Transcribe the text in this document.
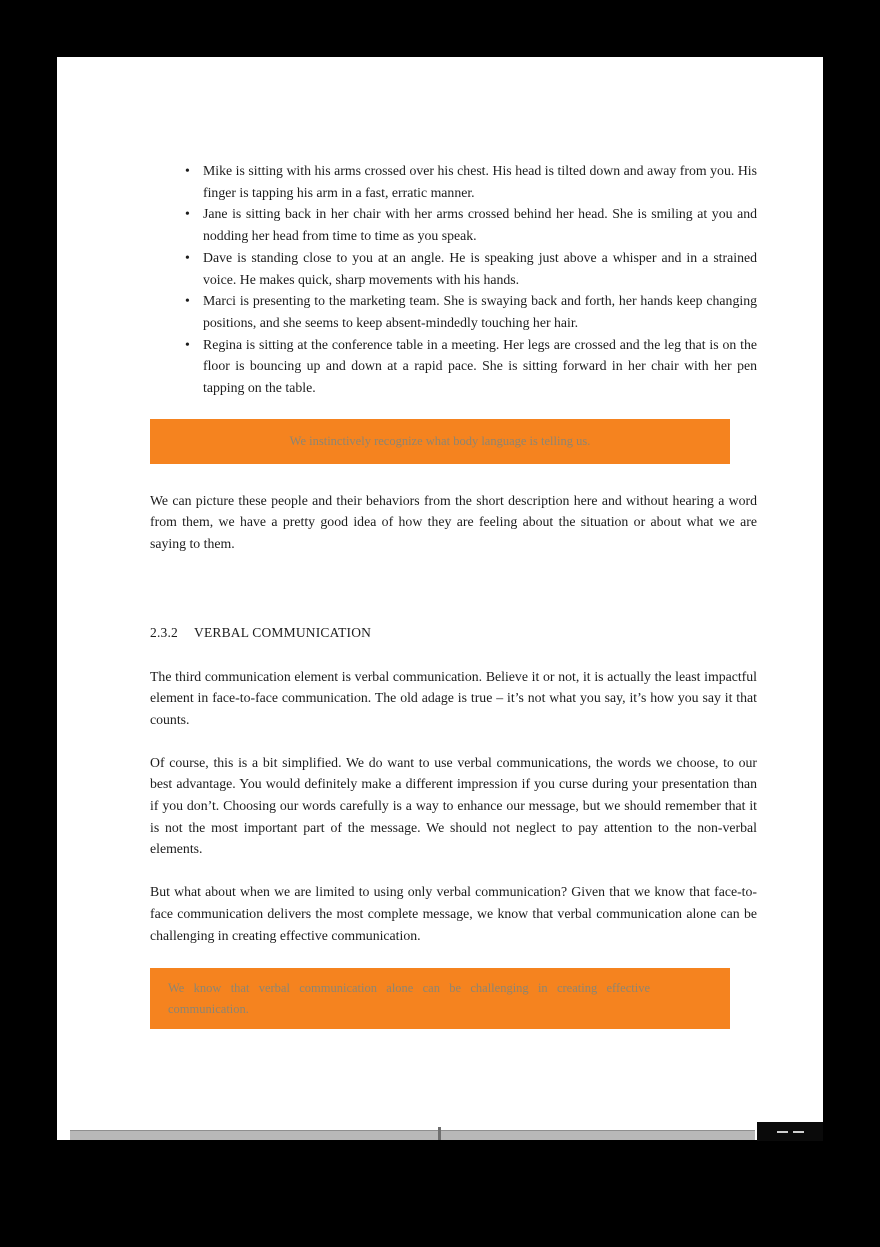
• Mike is sitting with his arms crossed over his chest. His head is tilted down and away from you. His finger is tapping his arm in a fast, erratic manner.
• Jane is sitting back in her chair with her arms crossed behind her head. She is smiling at you and nodding her head from time to time as you speak.
• Dave is standing close to you at an angle. He is speaking just above a whisper and in a strained voice. He makes quick, sharp movements with his hands.
• Marci is presenting to the marketing team. She is swaying back and forth, her hands keep changing positions, and she seems to keep absent-mindedly touching her hair.
• Regina is sitting at the conference table in a meeting. Her legs are crossed and the leg that is on the floor is bouncing up and down at a rapid pace. She is sitting forward in her chair with her pen tapping on the table.
We instinctively recognize what body language is telling us.

We can picture these people and their behaviors from the short description here and without hearing a word from them, we have a pretty good idea of how they are feeling about the situation or about what we are saying to them.

2.3.2 VERBAL COMMUNICATION

The third communication element is verbal communication. Believe it or not, it is actually the least impactful element in face-to-face communication. The old adage is true – it’s not what you say, it’s how you say it that counts.

Of course, this is a bit simplified. We do want to use verbal communications, the words we choose, to our best advantage. You would definitely make a different impression if you curse during your presentation than if you don’t. Choosing our words carefully is a way to enhance our message, but we should remember that it is not the most important part of the message. We should not neglect to pay attention to the non-verbal elements.

But what about when we are limited to using only verbal communication? Given that we know that face-to-face communication delivers the most complete message, we know that verbal communication alone can be challenging in creating effective communication.

We know that verbal communication alone can be challenging in creating effective communication.
